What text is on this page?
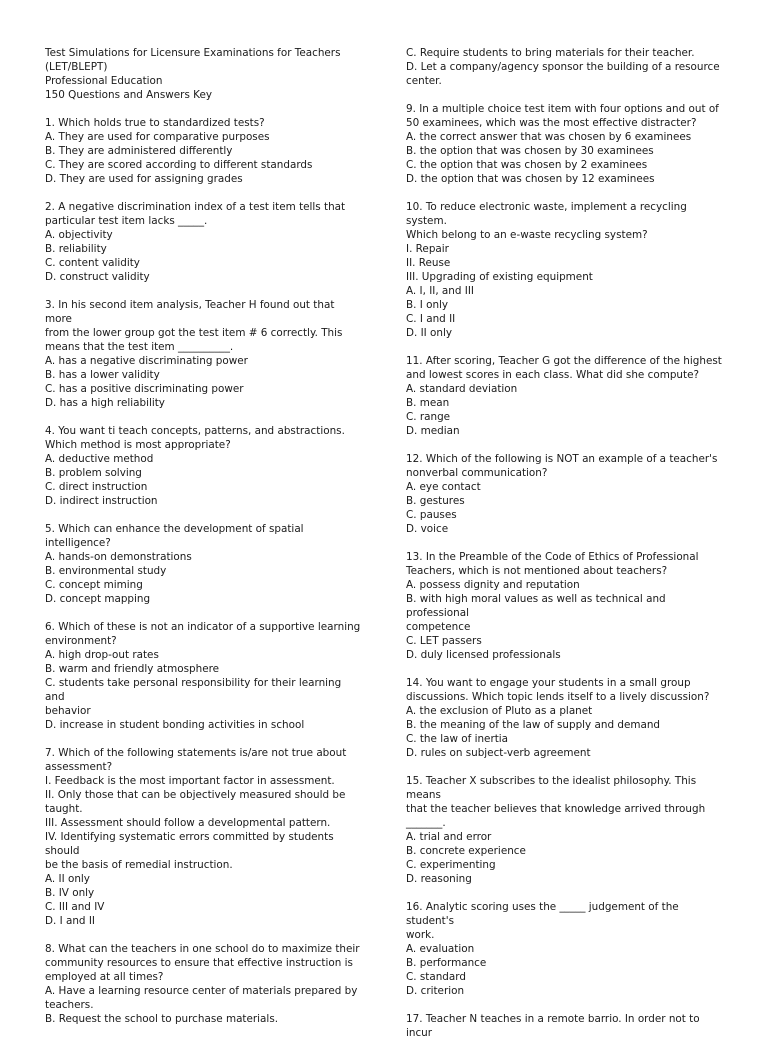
Test Simulations for Licensure Examinations for Teachers
(LET/BLEPT)
Professional Education
150 Questions and Answers Key
1. Which holds true to standardized tests?
A. They are used for comparative purposes
B. They are administered differently
C. They are scored according to different standards
D. They are used for assigning grades
2. A negative discrimination index of a test item tells that
particular test item lacks _____.
A. objectivity
B. reliability
C. content validity
D. construct validity
3. In his second item analysis, Teacher H found out that more
from the lower group got the test item # 6 correctly. This
means that the test item __________.
A. has a negative discriminating power
B. has a lower validity
C. has a positive discriminating power
D. has a high reliability
4. You want ti teach concepts, patterns, and abstractions.
Which method is most appropriate?
A. deductive method
B. problem solving
C. direct instruction
D. indirect instruction
5. Which can enhance the development of spatial intelligence?
A. hands-on demonstrations
B. environmental study
C. concept miming
D. concept mapping
6. Which of these is not an indicator of a supportive learning
environment?
A. high drop-out rates
B. warm and friendly atmosphere
C. students take personal responsibility for their learning and
behavior
D. increase in student bonding activities in school
7. Which of the following statements is/are not true about
assessment?
I. Feedback is the most important factor in assessment.
II. Only those that can be objectively measured should be
taught.
III. Assessment should follow a developmental pattern.
IV. Identifying systematic errors committed by students should
be the basis of remedial instruction.
A. II only
B. IV only
C. III and IV
D. I and II
8. What can the teachers in one school do to maximize their
community resources to ensure that effective instruction is
employed at all times?
A. Have a learning resource center of materials prepared by
teachers.
B. Request the school to purchase materials.
C. Require students to bring materials for their teacher.
D. Let a company/agency sponsor the building of a resource
center.
9. In a multiple choice test item with four options and out of
50 examinees, which was the most effective distracter?
A. the correct answer that was chosen by 6 examinees
B. the option that was chosen by 30 examinees
C. the option that was chosen by 2 examinees
D. the option that was chosen by 12 examinees
10. To reduce electronic waste, implement a recycling system.
Which belong to an e-waste recycling system?
I. Repair
II. Reuse
III. Upgrading of existing equipment
A. I, II, and III
B. I only
C. I and II
D. II only
11. After scoring, Teacher G got the difference of the highest
and lowest scores in each class. What did she compute?
A. standard deviation
B. mean
C. range
D. median
12. Which of the following is NOT an example of a teacher's
nonverbal communication?
A. eye contact
B. gestures
C. pauses
D. voice
13. In the Preamble of the Code of Ethics of Professional
Teachers, which is not mentioned about teachers?
A. possess dignity and reputation
B. with high moral values as well as technical and professional
competence
C. LET passers
D. duly licensed professionals
14. You want to engage your students in a small group
discussions. Which topic lends itself to a lively discussion?
A. the exclusion of Pluto as a planet
B. the meaning of the law of supply and demand
C. the law of inertia
D. rules on subject-verb agreement
15. Teacher X subscribes to the idealist philosophy. This means
that the teacher believes that knowledge arrived through
_______.
A. trial and error
B. concrete experience
C. experimenting
D. reasoning
16. Analytic scoring uses the _____ judgement of the student's
work.
A. evaluation
B. performance
C. standard
D. criterion
17. Teacher N teaches in a remote barrio. In order not to incur
